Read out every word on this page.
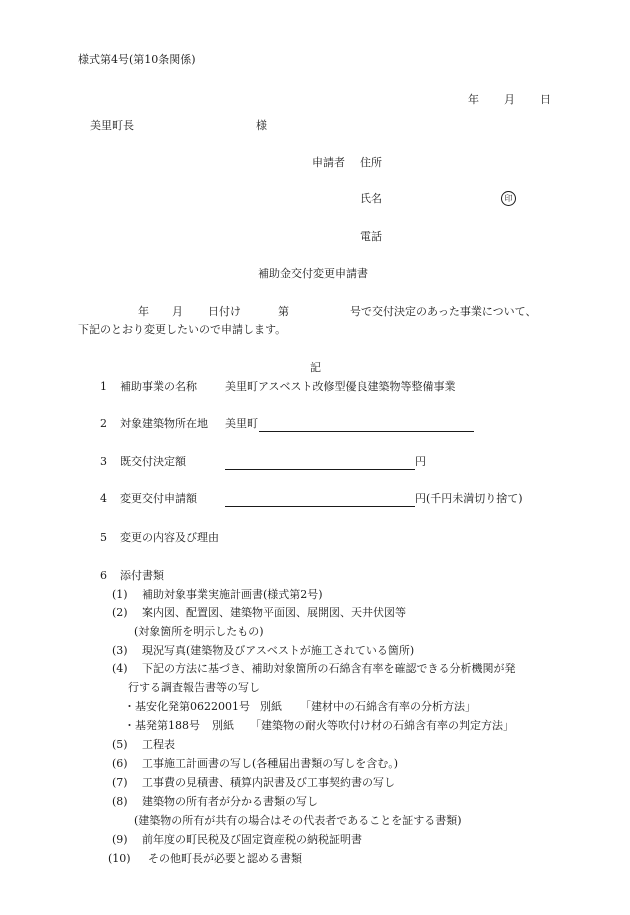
様式第4号(第10条関係)
年 月 日
美里町長	様
申請者 住所
氏名	印
電話
補助金交付変更申請書
年 月 日付け	第	号で交付決定のあった事業について、
下記のとおり変更したいので申請します。
記
1 補助事業の名称	美里町アスベスト改修型優良建築物等整備事業
2 対象建築物所在地 美里町
3 既交付決定額	円
4 変更交付申請額	円(千円未満切り捨て)
5 変更の内容及び理由
6 添付書類
(1) 補助対象事業実施計画書(様式第2号)
(2) 案内図、配置図、建築物平面図、展開図、天井伏図等
(対象箇所を明示したもの)
(3) 現況写真(建築物及びアスベストが施工されている箇所)
(4) 下記の方法に基づき、補助対象箇所の石綿含有率を確認できる分析機関が発
行する調査報告書等の写し
・基安化発第0622001号 別紙 「建材中の石綿含有率の分析方法」
・基発第188号 別紙 「建築物の耐火等吹付け材の石綿含有率の判定方法」
(5) 工程表
(6) 工事施工計画書の写し(各種届出書類の写しを含む。)
(7) 工事費の見積書、積算内訳書及び工事契約書の写し
(8) 建築物の所有者が分かる書類の写し
(建築物の所有が共有の場合はその代表者であることを証する書類)
(9) 前年度の町民税及び固定資産税の納税証明書
(10) その他町長が必要と認める書類
